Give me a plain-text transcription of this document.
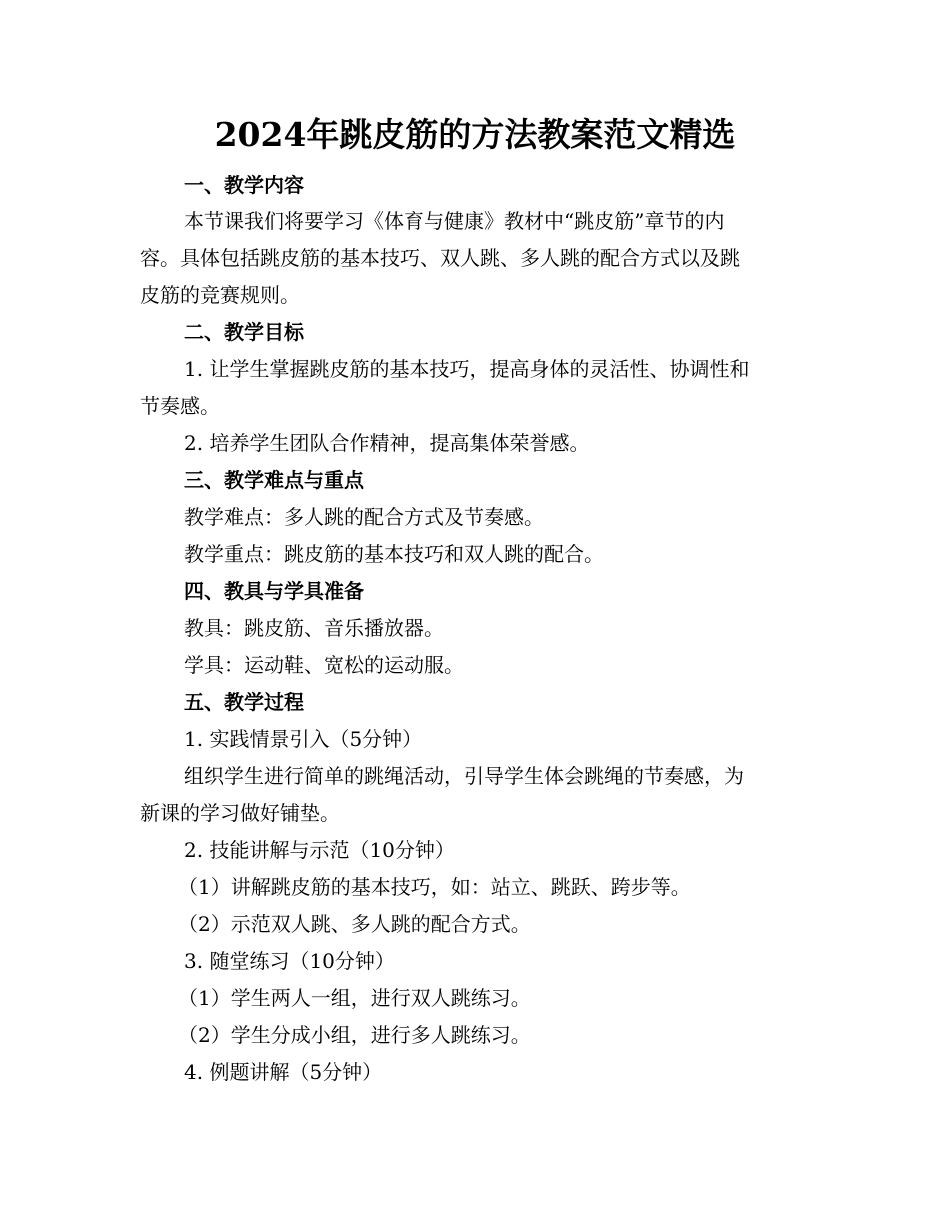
2024年跳皮筋的方法教案范文精选
一、教学内容
本节课我们将要学习《体育与健康》教材中“跳皮筋”章节的内
容。具体包括跳皮筋的基本技巧、双人跳、多人跳的配合方式以及跳
皮筋的竞赛规则。
二、教学目标
1. 让学生掌握跳皮筋的基本技巧，提高身体的灵活性、协调性和
节奏感。
2. 培养学生团队合作精神，提高集体荣誉感。
三、教学难点与重点
教学难点：多人跳的配合方式及节奏感。
教学重点：跳皮筋的基本技巧和双人跳的配合。
四、教具与学具准备
教具：跳皮筋、音乐播放器。
学具：运动鞋、宽松的运动服。
五、教学过程
1. 实践情景引入（5分钟）
组织学生进行简单的跳绳活动，引导学生体会跳绳的节奏感，为
新课的学习做好铺垫。
2. 技能讲解与示范（10分钟）
（1）讲解跳皮筋的基本技巧，如：站立、跳跃、跨步等。
（2）示范双人跳、多人跳的配合方式。
3. 随堂练习（10分钟）
（1）学生两人一组，进行双人跳练习。
（2）学生分成小组，进行多人跳练习。
4. 例题讲解（5分钟）
